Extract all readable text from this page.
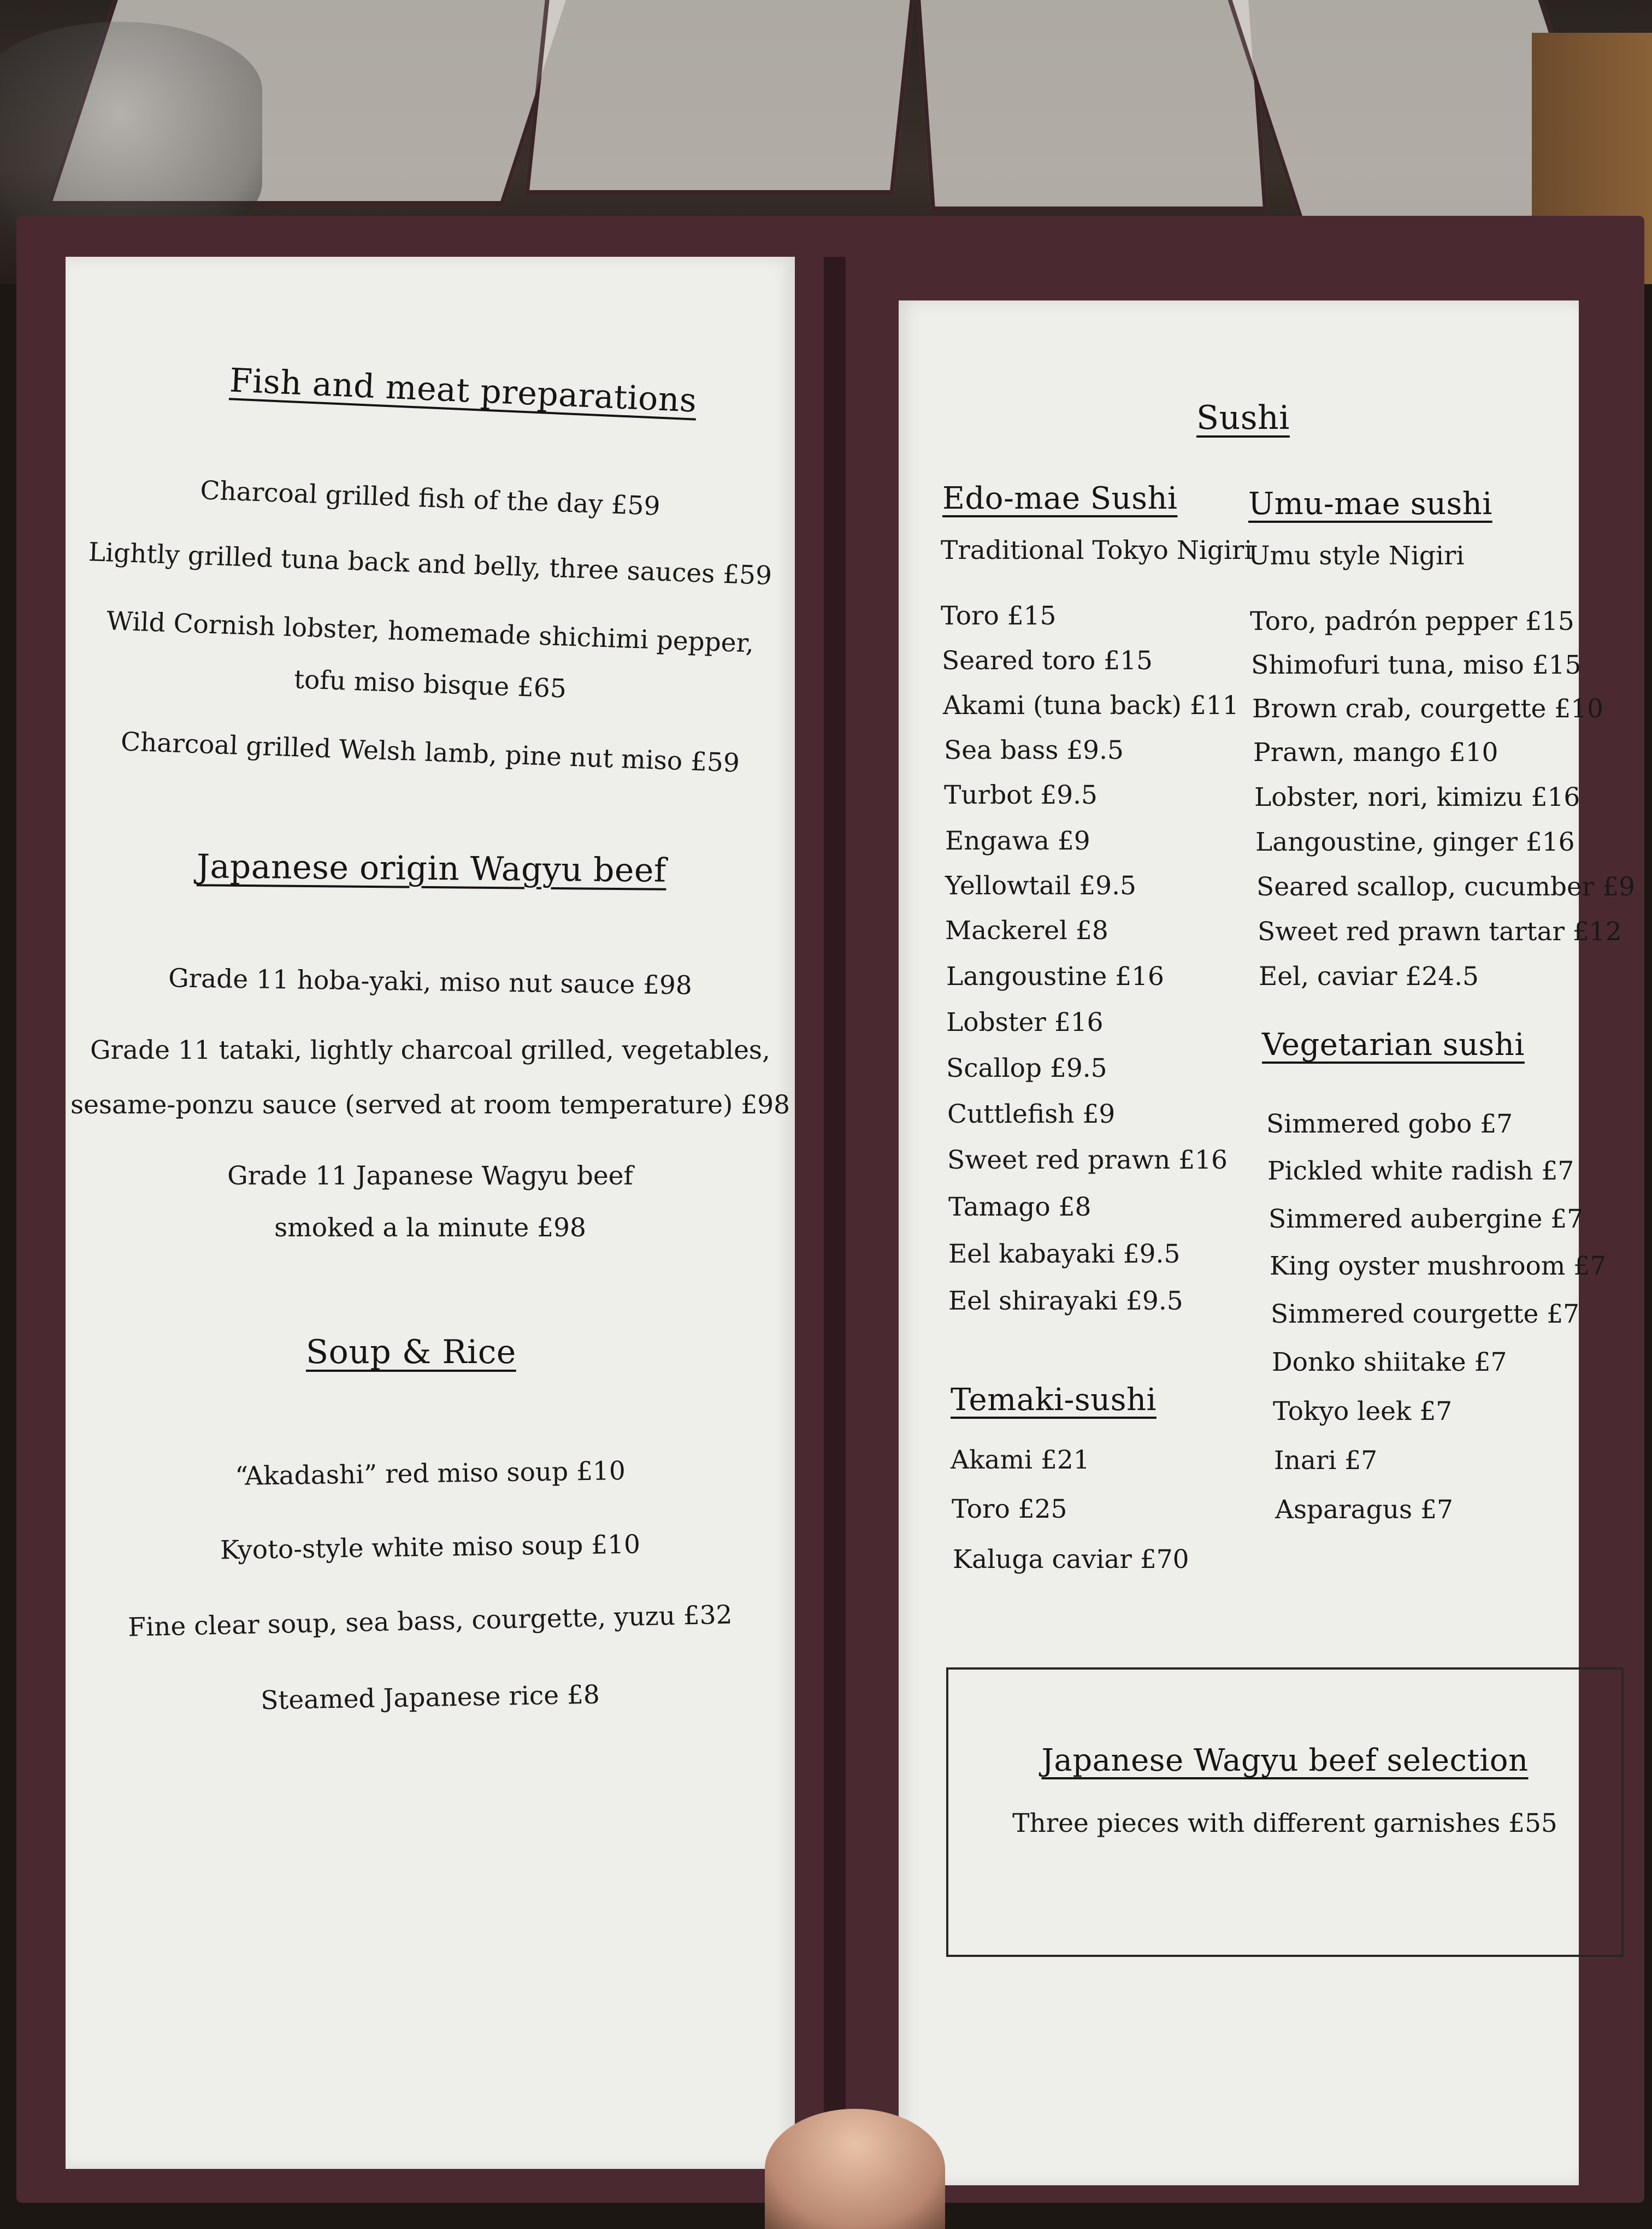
Fish and meat preparations
Charcoal grilled fish of the day £59
Lightly grilled tuna back and belly, three sauces £59
Wild Cornish lobster, homemade shichimi pepper,
tofu miso bisque £65
Charcoal grilled Welsh lamb, pine nut miso £59
Japanese origin Wagyu beef
Grade 11 hoba-yaki, miso nut sauce £98
Grade 11 tataki, lightly charcoal grilled, vegetables,
sesame-ponzu sauce (served at room temperature) £98
Grade 11 Japanese Wagyu beef
smoked a la minute £98
Soup & Rice
“Akadashi” red miso soup £10
Kyoto-style white miso soup £10
Fine clear soup, sea bass, courgette, yuzu £32
Steamed Japanese rice £8
Sushi
Edo-mae Sushi
Traditional Tokyo Nigiri
Toro £15
Seared toro £15
Akami (tuna back) £11
Sea bass £9.5
Turbot £9.5
Engawa £9
Yellowtail £9.5
Mackerel £8
Langoustine £16
Lobster £16
Scallop £9.5
Cuttlefish £9
Sweet red prawn £16
Tamago £8
Eel kabayaki £9.5
Eel shirayaki £9.5
Temaki-sushi
Akami £21
Toro £25
Kaluga caviar £70
Umu-mae sushi
Umu style Nigiri
Toro, padrón pepper £15
Shimofuri tuna, miso £15
Brown crab, courgette £10
Prawn, mango £10
Lobster, nori, kimizu £16
Langoustine, ginger £16
Seared scallop, cucumber £9
Sweet red prawn tartar £12
Eel, caviar £24.5
Vegetarian sushi
Simmered gobo £7
Pickled white radish £7
Simmered aubergine £7
King oyster mushroom £7
Simmered courgette £7
Donko shiitake £7
Tokyo leek £7
Inari £7
Asparagus £7
Japanese Wagyu beef selection
Three pieces with different garnishes £55
